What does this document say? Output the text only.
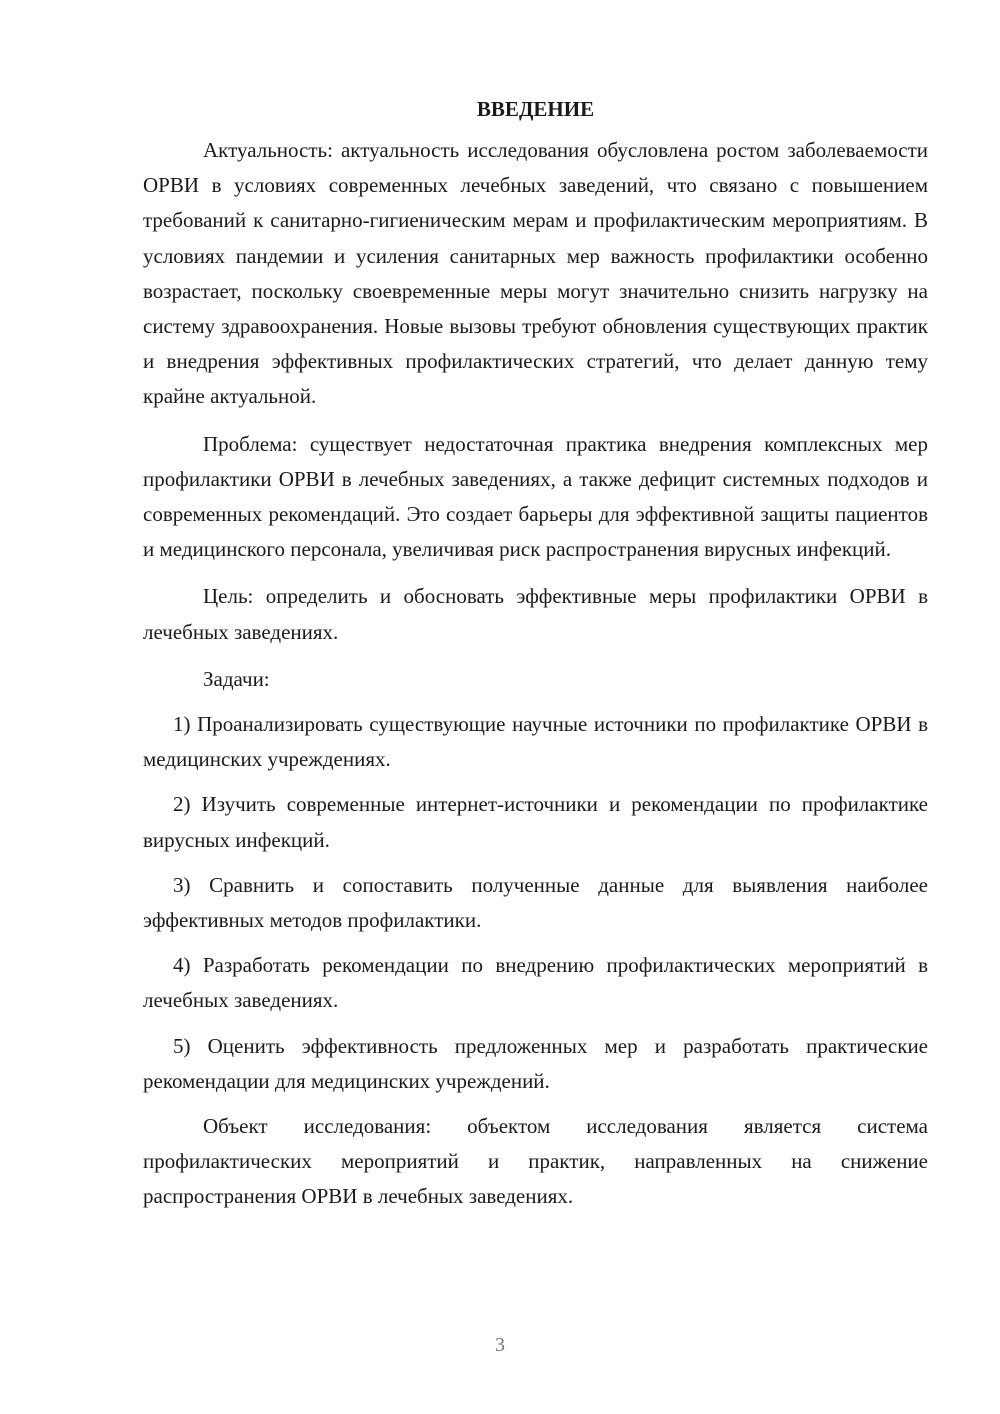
ВВЕДЕНИЕ

Актуальность: актуальность исследования обусловлена ростом заболеваемости ОРВИ в условиях современных лечебных заведений, что связано с повышением требований к санитарно-гигиеническим мерам и профилактическим мероприятиям. В условиях пандемии и усиления санитарных мер важность профилактики особенно возрастает, поскольку своевременные меры могут значительно снизить нагрузку на систему здравоохранения. Новые вызовы требуют обновления существующих практик и внедрения эффективных профилактических стратегий, что делает данную тему крайне актуальной.

Проблема: существует недостаточная практика внедрения комплексных мер профилактики ОРВИ в лечебных заведениях, а также дефицит системных подходов и современных рекомендаций. Это создает барьеры для эффективной защиты пациентов и медицинского персонала, увеличивая риск распространения вирусных инфекций.

Цель: определить и обосновать эффективные меры профилактики ОРВИ в лечебных заведениях.

Задачи:

1) Проанализировать существующие научные источники по профилактике ОРВИ в медицинских учреждениях.

2) Изучить современные интернет-источники и рекомендации по профилактике вирусных инфекций.

3) Сравнить и сопоставить полученные данные для выявления наиболее эффективных методов профилактики.

4) Разработать рекомендации по внедрению профилактических мероприятий в лечебных заведениях.

5) Оценить эффективность предложенных мер и разработать практические рекомендации для медицинских учреждений.

Объект исследования: объектом исследования является система профилактических мероприятий и практик, направленных на снижение распространения ОРВИ в лечебных заведениях.

3
